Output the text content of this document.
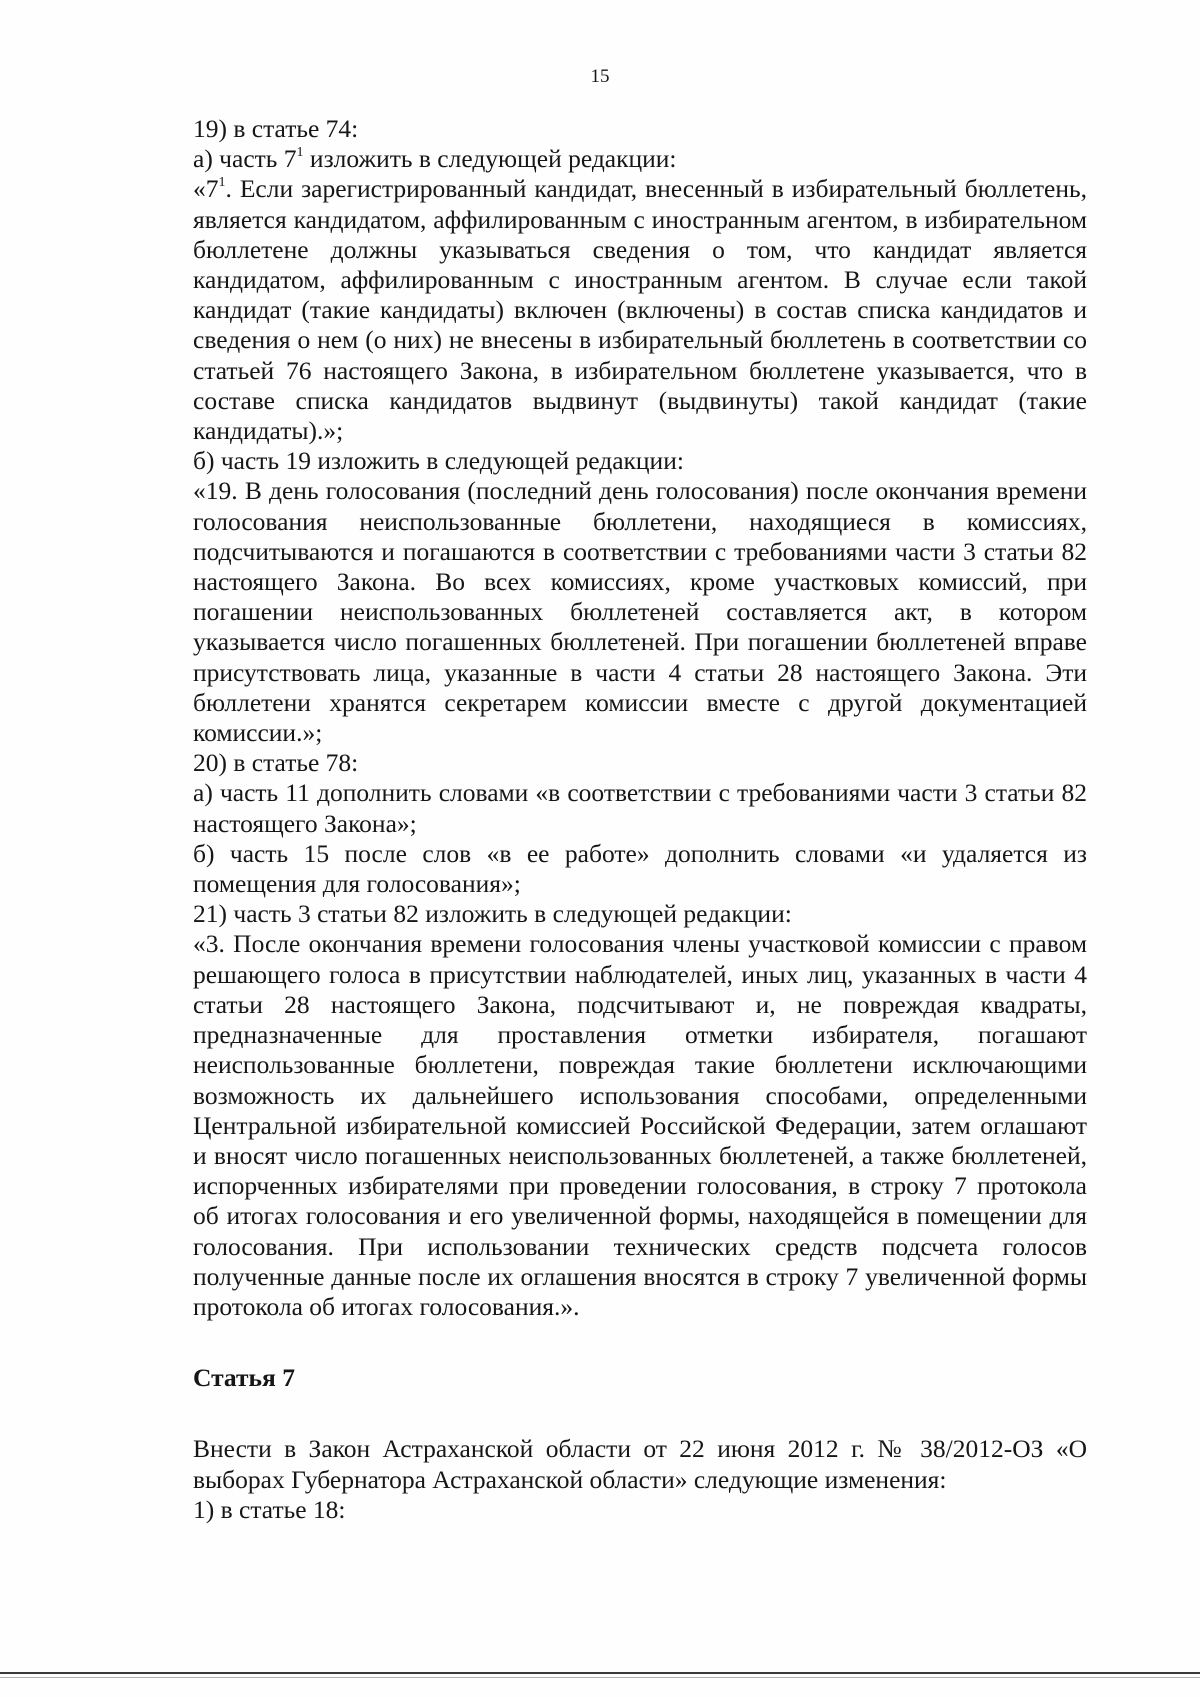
15

19) в статье 74:

а) часть $7^1$ изложить в следующей редакции:

«$7^1$. Если зарегистрированный кандидат, внесенный в избирательный бюллетень, является кандидатом, аффилированным с иностранным агентом, в избирательном бюллетене должны указываться сведения о том, что кандидат является кандидатом, аффилированным с иностранным агентом. В случае если такой кандидат (такие кандидаты) включен (включены) в состав списка кандидатов и сведения о нем (о них) не внесены в избирательный бюллетень в соответствии со статьей 76 настоящего Закона, в избирательном бюллетене указывается, что в составе списка кандидатов выдвинут (выдвинуты) такой кандидат (такие кандидаты).»;

б) часть 19 изложить в следующей редакции:

«19. В день голосования (последний день голосования) после окончания времени голосования неиспользованные бюллетени, находящиеся в комиссиях, подсчитываются и погашаются в соответствии с требованиями части 3 статьи 82 настоящего Закона. Во всех комиссиях, кроме участковых комиссий, при погашении неиспользованных бюллетеней составляется акт, в котором указывается число погашенных бюллетеней. При погашении бюллетеней вправе присутствовать лица, указанные в части 4 статьи 28 настоящего Закона. Эти бюллетени хранятся секретарем комиссии вместе с другой документацией комиссии.»;

20) в статье 78:

а) часть 11 дополнить словами «в соответствии с требованиями части 3 статьи 82 настоящего Закона»;

б) часть 15 после слов «в ее работе» дополнить словами «и удаляется из помещения для голосования»;

21) часть 3 статьи 82 изложить в следующей редакции:

«3. После окончания времени голосования члены участковой комиссии с правом решающего голоса в присутствии наблюдателей, иных лиц, указанных в части 4 статьи 28 настоящего Закона, подсчитывают и, не повреждая квадраты, предназначенные для проставления отметки избирателя, погашают неиспользованные бюллетени, повреждая такие бюллетени исключающими возможность их дальнейшего использования способами, определенными Центральной избирательной комиссией Российской Федерации, затем оглашают и вносят число погашенных неиспользованных бюллетеней, а также бюллетеней, испорченных избирателями при проведении голосования, в строку 7 протокола об итогах голосования и его увеличенной формы, находящейся в помещении для голосования. При использовании технических средств подсчета голосов полученные данные после их оглашения вносятся в строку 7 увеличенной формы протокола об итогах голосования.».

Статья 7

Внести в Закон Астраханской области от 22 июня 2012 г. № 38/2012-ОЗ «О выборах Губернатора Астраханской области» следующие изменения:

1) в статье 18:
